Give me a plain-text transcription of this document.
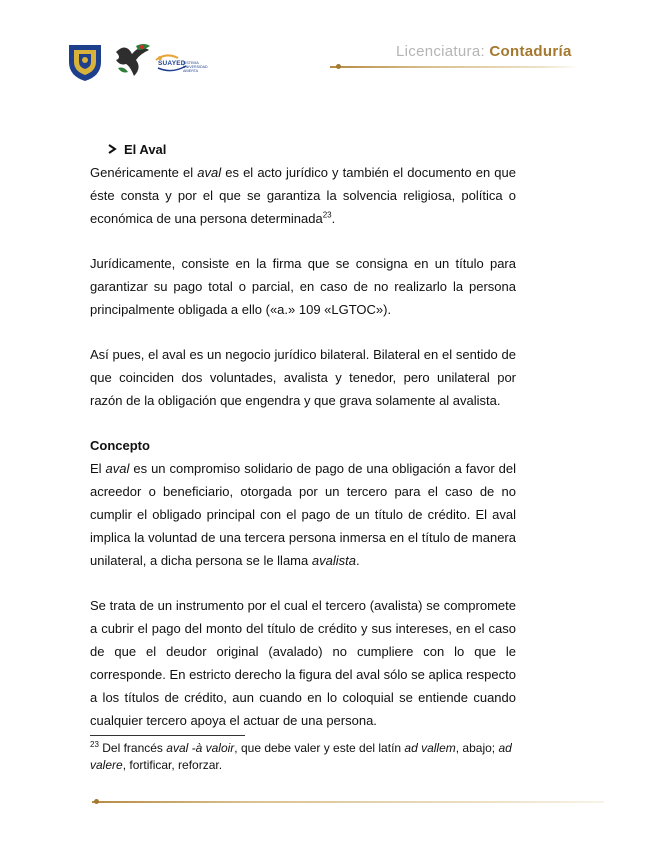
SUAYED
SISTEMA UNIVERSIDAD ABIERTA
Licenciatura: Contaduría
El Aval

Genéricamente el aval es el acto jurídico y también el documento en que éste consta y por el que se garantiza la solvencia religiosa, política o económica de una persona determinada$^{23}$.

Jurídicamente, consiste en la firma que se consigna en un título para garantizar su pago total o parcial, en caso de no realizarlo la persona principalmente obligada a ello («a.» 109 «LGTOC»).

Así pues, el aval es un negocio jurídico bilateral. Bilateral en el sentido de que coinciden dos voluntades, avalista y tenedor, pero unilateral por razón de la obligación que engendra y que grava solamente al avalista.

Concepto

El aval es un compromiso solidario de pago de una obligación a favor del acreedor o beneficiario, otorgada por un tercero para el caso de no cumplir el obligado principal con el pago de un título de crédito. El aval implica la voluntad de una tercera persona inmersa en el título de manera unilateral, a dicha persona se le llama avalista.

Se trata de un instrumento por el cual el tercero (avalista) se compromete a cubrir el pago del monto del título de crédito y sus intereses, en el caso de que el deudor original (avalado) no cumpliere con lo que le corresponde. En estricto derecho la figura del aval sólo se aplica respecto a los títulos de crédito, aun cuando en lo coloquial se entiende cuando cualquier tercero apoya el actuar de una persona.

$^{23}$ Del francés aval -à valoir, que debe valer y este del latín ad vallem, abajo; ad valere, fortificar, reforzar.
